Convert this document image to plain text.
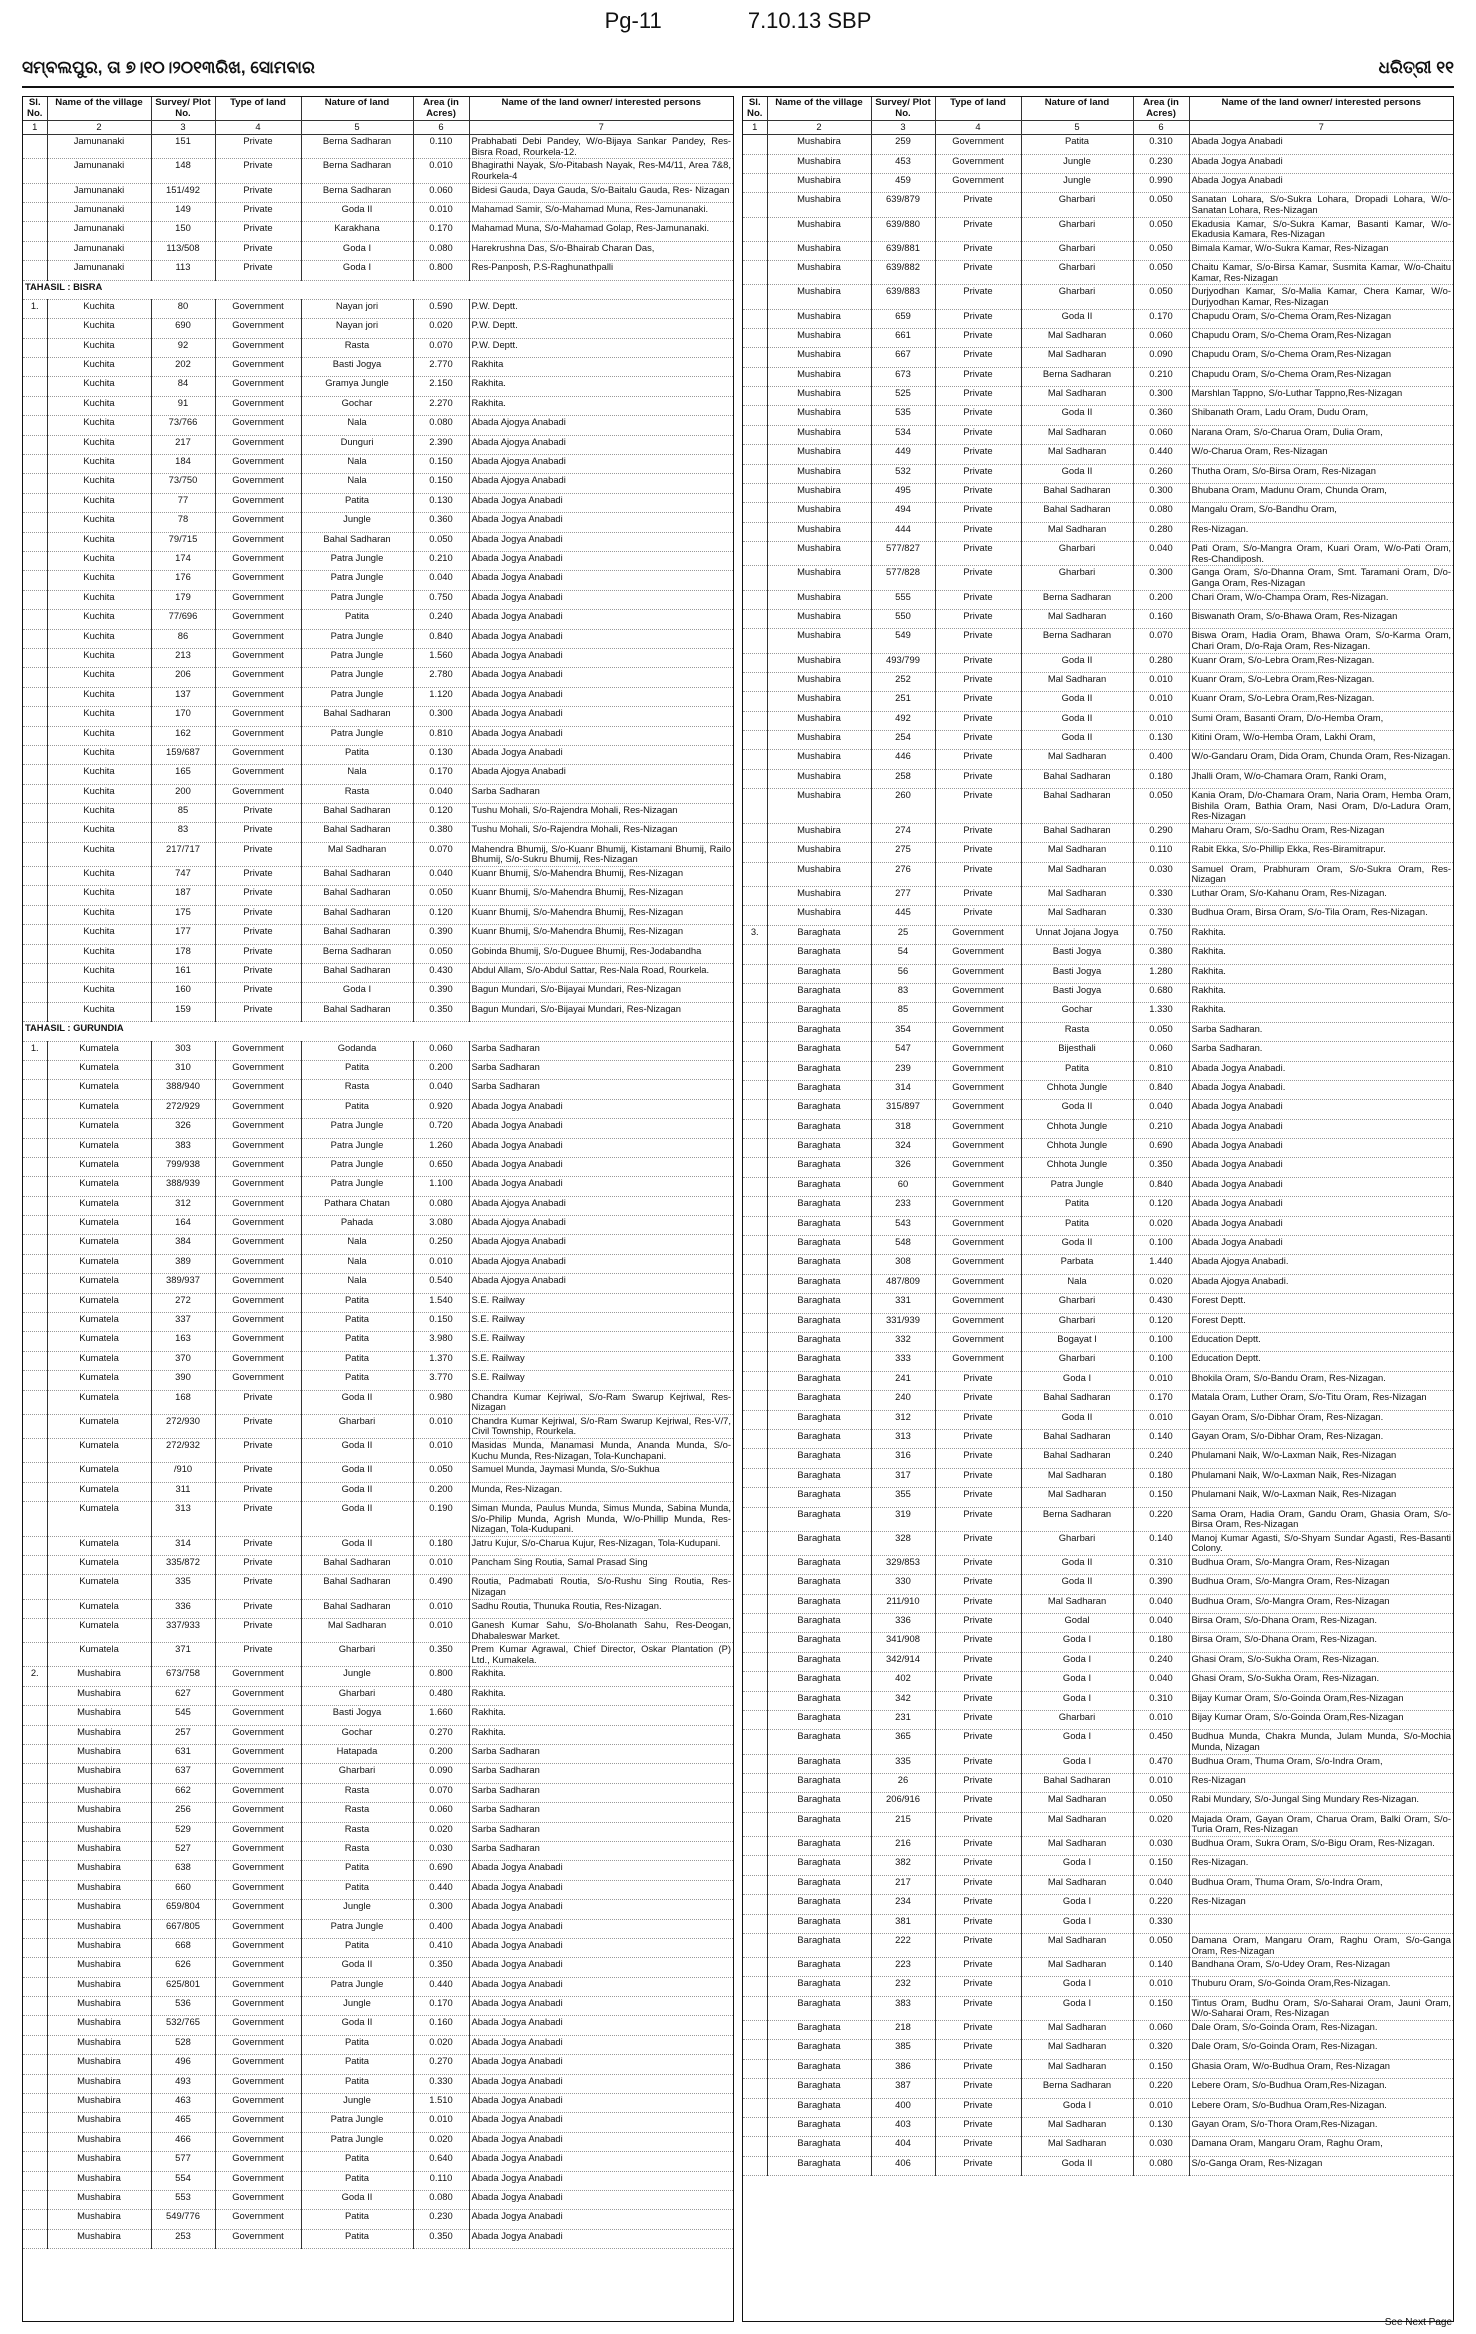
Pg-11	7.10.13 SBP
ସମ୍ବଲପୁର, ତା ୭।୧୦।୨୦୧୩ରିଖ, ସୋମବାର	ଧରିତ୍ରୀ ୧୧
Sl. No.	Name of the village	Survey/ Plot No.	Type of land	Nature of land	Area (in Acres)	Name of the land owner/ interested persons
1	2	3	4	5	6	7
	Jamunanaki	151	Private	Berna Sadharan	0.110	Prabhabati Debi Pandey, W/o-Bijaya Sankar Pandey, Res-Bisra Road, Rourkela-12.
	Jamunanaki	148	Private	Berna Sadharan	0.010	Bhagirathi Nayak, S/o-Pitabash Nayak, Res-M4/11, Area 7&8, Rourkela-4
	Jamunanaki	151/492	Private	Berna Sadharan	0.060	Bidesi Gauda, Daya Gauda, S/o-Baitalu Gauda, Res- Nizagan
	Jamunanaki	149	Private	Goda II	0.010	Mahamad Samir, S/o-Mahamad Muna, Res-Jamunanaki.
	Jamunanaki	150	Private	Karakhana	0.170	Mahamad Muna, S/o-Mahamad Golap, Res-Jamunanaki.
	Jamunanaki	113/508	Private	Goda I	0.080	Harekrushna Das, S/o-Bhairab Charan Das,
	Jamunanaki	113	Private	Goda I	0.800	Res-Panposh, P.S-Raghunathpalli
TAHASIL : BISRA						
1.	Kuchita	80	Government	Nayan jori	0.590	P.W. Deptt.
	Kuchita	690	Government	Nayan jori	0.020	P.W. Deptt.
	Kuchita	92	Government	Rasta	0.070	P.W. Deptt.
	Kuchita	202	Government	Basti Jogya	2.770	Rakhita
	Kuchita	84	Government	Gramya Jungle	2.150	Rakhita.
	Kuchita	91	Government	Gochar	2.270	Rakhita.
	Kuchita	73/766	Government	Nala	0.080	Abada Ajogya Anabadi
	Kuchita	217	Government	Dunguri	2.390	Abada Ajogya Anabadi
	Kuchita	184	Government	Nala	0.150	Abada Ajogya Anabadi
	Kuchita	73/750	Government	Nala	0.150	Abada Ajogya Anabadi
	Kuchita	77	Government	Patita	0.130	Abada Jogya Anabadi
	Kuchita	78	Government	Jungle	0.360	Abada Jogya Anabadi
	Kuchita	79/715	Government	Bahal Sadharan	0.050	Abada Jogya Anabadi
	Kuchita	174	Government	Patra Jungle	0.210	Abada Jogya Anabadi
	Kuchita	176	Government	Patra Jungle	0.040	Abada Jogya Anabadi
	Kuchita	179	Government	Patra Jungle	0.750	Abada Jogya Anabadi
	Kuchita	77/696	Government	Patita	0.240	Abada Jogya Anabadi
	Kuchita	86	Government	Patra Jungle	0.840	Abada Jogya Anabadi
	Kuchita	213	Government	Patra Jungle	1.560	Abada Jogya Anabadi
	Kuchita	206	Government	Patra Jungle	2.780	Abada Jogya Anabadi
	Kuchita	137	Government	Patra Jungle	1.120	Abada Jogya Anabadi
	Kuchita	170	Government	Bahal Sadharan	0.300	Abada Jogya Anabadi
	Kuchita	162	Government	Patra Jungle	0.810	Abada Jogya Anabadi
	Kuchita	159/687	Government	Patita	0.130	Abada Jogya Anabadi
	Kuchita	165	Government	Nala	0.170	Abada Ajogya Anabadi
	Kuchita	200	Government	Rasta	0.040	Sarba Sadharan
	Kuchita	85	Private	Bahal Sadharan	0.120	Tushu Mohali, S/o-Rajendra Mohali, Res-Nizagan
	Kuchita	83	Private	Bahal Sadharan	0.380	Tushu Mohali, S/o-Rajendra Mohali, Res-Nizagan
	Kuchita	217/717	Private	Mal Sadharan	0.070	Mahendra Bhumij, S/o-Kuanr Bhumij, Kistamani Bhumij, Railo Bhumij, S/o-Sukru Bhumij, Res-Nizagan
	Kuchita	747	Private	Bahal Sadharan	0.040	Kuanr Bhumij, S/o-Mahendra Bhumij, Res-Nizagan
	Kuchita	187	Private	Bahal Sadharan	0.050	Kuanr Bhumij, S/o-Mahendra Bhumij, Res-Nizagan
	Kuchita	175	Private	Bahal Sadharan	0.120	Kuanr Bhumij, S/o-Mahendra Bhumij, Res-Nizagan
	Kuchita	177	Private	Bahal Sadharan	0.390	Kuanr Bhumij, S/o-Mahendra Bhumij, Res-Nizagan
	Kuchita	178	Private	Berna Sadharan	0.050	Gobinda Bhumij, S/o-Duguee Bhumij, Res-Jodabandha
	Kuchita	161	Private	Bahal Sadharan	0.430	Abdul Allam, S/o-Abdul Sattar, Res-Nala Road, Rourkela.
	Kuchita	160	Private	Goda I	0.390	Bagun Mundari, S/o-Bijayai Mundari, Res-Nizagan
	Kuchita	159	Private	Bahal Sadharan	0.350	Bagun Mundari, S/o-Bijayai Mundari, Res-Nizagan
TAHASIL : GURUNDIA						
1.	Kumatela	303	Government	Godanda	0.060	Sarba Sadharan
	Kumatela	310	Government	Patita	0.200	Sarba Sadharan
	Kumatela	388/940	Government	Rasta	0.040	Sarba Sadharan
	Kumatela	272/929	Government	Patita	0.920	Abada Jogya Anabadi
	Kumatela	326	Government	Patra Jungle	0.720	Abada Jogya Anabadi
	Kumatela	383	Government	Patra Jungle	1.260	Abada Jogya Anabadi
	Kumatela	799/938	Government	Patra Jungle	0.650	Abada Jogya Anabadi
	Kumatela	388/939	Government	Patra Jungle	1.100	Abada Jogya Anabadi
	Kumatela	312	Government	Pathara Chatan	0.080	Abada Ajogya Anabadi
	Kumatela	164	Government	Pahada	3.080	Abada Ajogya Anabadi
	Kumatela	384	Government	Nala	0.250	Abada Ajogya Anabadi
	Kumatela	389	Government	Nala	0.010	Abada Ajogya Anabadi
	Kumatela	389/937	Government	Nala	0.540	Abada Ajogya Anabadi
	Kumatela	272	Government	Patita	1.540	S.E. Railway
	Kumatela	337	Government	Patita	0.150	S.E. Railway
	Kumatela	163	Government	Patita	3.980	S.E. Railway
	Kumatela	370	Government	Patita	1.370	S.E. Railway
	Kumatela	390	Government	Patita	3.770	S.E. Railway
	Kumatela	168	Private	Goda II	0.980	Chandra Kumar Kejriwal, S/o-Ram Swarup Kejriwal, Res-Nizagan
	Kumatela	272/930	Private	Gharbari	0.010	Chandra Kumar Kejriwal, S/o-Ram Swarup Kejriwal, Res-V/7, Civil Township, Rourkela.
	Kumatela	272/932	Private	Goda II	0.010	Masidas Munda, Manamasi Munda, Ananda Munda, S/o-Kuchu Munda, Res-Nizagan, Tola-Kunchapani.
	Kumatela	/910	Private	Goda II	0.050	Samuel Munda, Jaymasi Munda, S/o-Sukhua
	Kumatela	311	Private	Goda II	0.200	Munda, Res-Nizagan.
	Kumatela	313	Private	Goda II	0.190	Siman Munda, Paulus Munda, Simus Munda, Sabina Munda, S/o-Philip Munda, Agrish Munda, W/o-Phillip Munda, Res-Nizagan, Tola-Kudupani.
	Kumatela	314	Private	Goda II	0.180	Jatru Kujur, S/o-Charua Kujur, Res-Nizagan, Tola-Kudupani.
	Kumatela	335/872	Private	Bahal Sadharan	0.010	Pancham Sing Routia, Samal Prasad Sing
	Kumatela	335	Private	Bahal Sadharan	0.490	Routia, Padmabati Routia, S/o-Rushu Sing Routia, Res-Nizagan
	Kumatela	336	Private	Bahal Sadharan	0.010	Sadhu Routia, Thunuka Routia, Res-Nizagan.
	Kumatela	337/933	Private	Mal Sadharan	0.010	Ganesh Kumar Sahu, S/o-Bholanath Sahu, Res-Deogan, Dhabaleswar Market.
	Kumatela	371	Private	Gharbari	0.350	Prem Kumar Agrawal, Chief Director, Oskar Plantation (P) Ltd., Kumakela.
2.	Mushabira	673/758	Government	Jungle	0.800	Rakhita.
	Mushabira	627	Government	Gharbari	0.480	Rakhita.
	Mushabira	545	Government	Basti Jogya	1.660	Rakhita.
	Mushabira	257	Government	Gochar	0.270	Rakhita.
	Mushabira	631	Government	Hatapada	0.200	Sarba Sadharan
	Mushabira	637	Government	Gharbari	0.090	Sarba Sadharan
	Mushabira	662	Government	Rasta	0.070	Sarba Sadharan
	Mushabira	256	Government	Rasta	0.060	Sarba Sadharan
	Mushabira	529	Government	Rasta	0.020	Sarba Sadharan
	Mushabira	527	Government	Rasta	0.030	Sarba Sadharan
	Mushabira	638	Government	Patita	0.690	Abada Jogya Anabadi
	Mushabira	660	Government	Patita	0.440	Abada Jogya Anabadi
	Mushabira	659/804	Government	Jungle	0.300	Abada Jogya Anabadi
	Mushabira	667/805	Government	Patra Jungle	0.400	Abada Jogya Anabadi
	Mushabira	668	Government	Patita	0.410	Abada Jogya Anabadi
	Mushabira	626	Government	Goda II	0.350	Abada Jogya Anabadi
	Mushabira	625/801	Government	Patra Jungle	0.440	Abada Jogya Anabadi
	Mushabira	536	Government	Jungle	0.170	Abada Jogya Anabadi
	Mushabira	532/765	Government	Goda II	0.160	Abada Jogya Anabadi
	Mushabira	528	Government	Patita	0.020	Abada Jogya Anabadi
	Mushabira	496	Government	Patita	0.270	Abada Jogya Anabadi
	Mushabira	493	Government	Patita	0.330	Abada Jogya Anabadi
	Mushabira	463	Government	Jungle	1.510	Abada Jogya Anabadi
	Mushabira	465	Government	Patra Jungle	0.010	Abada Jogya Anabadi
	Mushabira	466	Government	Patra Jungle	0.020	Abada Jogya Anabadi
	Mushabira	577	Government	Patita	0.640	Abada Jogya Anabadi
	Mushabira	554	Government	Patita	0.110	Abada Jogya Anabadi
	Mushabira	553	Government	Goda II	0.080	Abada Jogya Anabadi
	Mushabira	549/776	Government	Patita	0.230	Abada Jogya Anabadi
	Mushabira	253	Government	Patita	0.350	Abada Jogya Anabadi
Sl. No.	Name of the village	Survey/ Plot No.	Type of land	Nature of land	Area (in Acres)	Name of the land owner/ interested persons
1	2	3	4	5	6	7
	Mushabira	259	Government	Patita	0.310	Abada Jogya Anabadi
	Mushabira	453	Government	Jungle	0.230	Abada Jogya Anabadi
	Mushabira	459	Government	Jungle	0.990	Abada Jogya Anabadi
	Mushabira	639/879	Private	Gharbari	0.050	Sanatan Lohara, S/o-Sukra Lohara, Dropadi Lohara, W/o-Sanatan Lohara, Res-Nizagan
	Mushabira	639/880	Private	Gharbari	0.050	Ekadusia Kamar, S/o-Sukra Kamar, Basanti Kamar, W/o-Ekadusia Kamara, Res-Nizagan
	Mushabira	639/881	Private	Gharbari	0.050	Bimala Kamar, W/o-Sukra Kamar, Res-Nizagan
	Mushabira	639/882	Private	Gharbari	0.050	Chaitu Kamar, S/o-Birsa Kamar, Susmita Kamar, W/o-Chaitu Kamar, Res-Nizagan
	Mushabira	639/883	Private	Gharbari	0.050	Durjyodhan Kamar, S/o-Malia Kamar, Chera Kamar, W/o-Durjyodhan Kamar, Res-Nizagan
	Mushabira	659	Private	Goda II	0.170	Chapudu Oram, S/o-Chema Oram,Res-Nizagan
	Mushabira	661	Private	Mal Sadharan	0.060	Chapudu Oram, S/o-Chema Oram,Res-Nizagan
	Mushabira	667	Private	Mal Sadharan	0.090	Chapudu Oram, S/o-Chema Oram,Res-Nizagan
	Mushabira	673	Private	Berna Sadharan	0.210	Chapudu Oram, S/o-Chema Oram,Res-Nizagan
	Mushabira	525	Private	Mal Sadharan	0.300	Marshlan Tappno, S/o-Luthar Tappno,Res-Nizagan
	Mushabira	535	Private	Goda II	0.360	Shibanath Oram, Ladu Oram, Dudu Oram,
	Mushabira	534	Private	Mal Sadharan	0.060	Narana Oram, S/o-Charua Oram, Dulia Oram,
	Mushabira	449	Private	Mal Sadharan	0.440	W/o-Charua Oram, Res-Nizagan
	Mushabira	532	Private	Goda II	0.260	Thutha Oram, S/o-Birsa Oram, Res-Nizagan
	Mushabira	495	Private	Bahal Sadharan	0.300	Bhubana Oram, Madunu Oram, Chunda Oram,
	Mushabira	494	Private	Bahal Sadharan	0.080	Mangalu Oram, S/o-Bandhu Oram,
	Mushabira	444	Private	Mal Sadharan	0.280	Res-Nizagan.
	Mushabira	577/827	Private	Gharbari	0.040	Pati Oram, S/o-Mangra Oram, Kuari Oram, W/o-Pati Oram, Res-Chandiposh.
	Mushabira	577/828	Private	Gharbari	0.300	Ganga Oram, S/o-Dhanna Oram, Smt. Taramani Oram, D/o-Ganga Oram, Res-Nizagan
	Mushabira	555	Private	Berna Sadharan	0.200	Chari Oram, W/o-Champa Oram, Res-Nizagan.
	Mushabira	550	Private	Mal Sadharan	0.160	Biswanath Oram, S/o-Bhawa Oram, Res-Nizagan
	Mushabira	549	Private	Berna Sadharan	0.070	Biswa Oram, Hadia Oram, Bhawa Oram, S/o-Karma Oram, Chari Oram, D/o-Raja Oram, Res-Nizagan.
	Mushabira	493/799	Private	Goda II	0.280	Kuanr Oram, S/o-Lebra Oram,Res-Nizagan.
	Mushabira	252	Private	Mal Sadharan	0.010	Kuanr Oram, S/o-Lebra Oram,Res-Nizagan.
	Mushabira	251	Private	Goda II	0.010	Kuanr Oram, S/o-Lebra Oram,Res-Nizagan.
	Mushabira	492	Private	Goda II	0.010	Sumi Oram, Basanti Oram, D/o-Hemba Oram,
	Mushabira	254	Private	Goda II	0.130	Kitini Oram, W/o-Hemba Oram, Lakhi Oram,
	Mushabira	446	Private	Mal Sadharan	0.400	W/o-Gandaru Oram, Dida Oram, Chunda Oram, Res-Nizagan.
	Mushabira	258	Private	Bahal Sadharan	0.180	Jhalli Oram, W/o-Chamara Oram, Ranki Oram,
	Mushabira	260	Private	Bahal Sadharan	0.050	Kania Oram, D/o-Chamara Oram, Naria Oram, Hemba Oram, Bishila Oram, Bathia Oram, Nasi Oram, D/o-Ladura Oram, Res-Nizagan
	Mushabira	274	Private	Bahal Sadharan	0.290	Maharu Oram, S/o-Sadhu Oram, Res-Nizagan
	Mushabira	275	Private	Mal Sadharan	0.110	Rabit Ekka, S/o-Phillip Ekka, Res-Biramitrapur.
	Mushabira	276	Private	Mal Sadharan	0.030	Samuel Oram, Prabhuram Oram, S/o-Sukra Oram, Res-Nizagan
	Mushabira	277	Private	Mal Sadharan	0.330	Luthar Oram, S/o-Kahanu Oram, Res-Nizagan.
	Mushabira	445	Private	Mal Sadharan	0.330	Budhua Oram, Birsa Oram, S/o-Tila Oram, Res-Nizagan.
3.	Baraghata	25	Government	Unnat Jojana Jogya	0.750	Rakhita.
	Baraghata	54	Government	Basti Jogya	0.380	Rakhita.
	Baraghata	56	Government	Basti Jogya	1.280	Rakhita.
	Baraghata	83	Government	Basti Jogya	0.680	Rakhita.
	Baraghata	85	Government	Gochar	1.330	Rakhita.
	Baraghata	354	Government	Rasta	0.050	Sarba Sadharan.
	Baraghata	547	Government	Bijesthali	0.060	Sarba Sadharan.
	Baraghata	239	Government	Patita	0.810	Abada Jogya Anabadi.
	Baraghata	314	Government	Chhota Jungle	0.840	Abada Jogya Anabadi.
	Baraghata	315/897	Government	Goda II	0.040	Abada Jogya Anabadi
	Baraghata	318	Government	Chhota Jungle	0.210	Abada Jogya Anabadi
	Baraghata	324	Government	Chhota Jungle	0.690	Abada Jogya Anabadi
	Baraghata	326	Government	Chhota Jungle	0.350	Abada Jogya Anabadi
	Baraghata	60	Government	Patra Jungle	0.840	Abada Jogya Anabadi
	Baraghata	233	Government	Patita	0.120	Abada Jogya Anabadi
	Baraghata	543	Government	Patita	0.020	Abada Jogya Anabadi
	Baraghata	548	Government	Goda II	0.100	Abada Jogya Anabadi
	Baraghata	308	Government	Parbata	1.440	Abada Ajogya Anabadi.
	Baraghata	487/809	Government	Nala	0.020	Abada Ajogya Anabadi.
	Baraghata	331	Government	Gharbari	0.430	Forest Deptt.
	Baraghata	331/939	Government	Gharbari	0.120	Forest Deptt.
	Baraghata	332	Government	Bogayat I	0.100	Education Deptt.
	Baraghata	333	Government	Gharbari	0.100	Education Deptt.
	Baraghata	241	Private	Goda I	0.010	Bhokila Oram, S/o-Bandu Oram, Res-Nizagan.
	Baraghata	240	Private	Bahal Sadharan	0.170	Matala Oram, Luther Oram, S/o-Titu Oram, Res-Nizagan
	Baraghata	312	Private	Goda II	0.010	Gayan Oram, S/o-Dibhar Oram, Res-Nizagan.
	Baraghata	313	Private	Bahal Sadharan	0.140	Gayan Oram, S/o-Dibhar Oram, Res-Nizagan.
	Baraghata	316	Private	Bahal Sadharan	0.240	Phulamani Naik, W/o-Laxman Naik, Res-Nizagan
	Baraghata	317	Private	Mal Sadharan	0.180	Phulamani Naik, W/o-Laxman Naik, Res-Nizagan
	Baraghata	355	Private	Mal Sadharan	0.150	Phulamani Naik, W/o-Laxman Naik, Res-Nizagan
	Baraghata	319	Private	Berna Sadharan	0.220	Sama Oram, Hadia Oram, Gandu Oram, Ghasia Oram, S/o-Birsa Oram, Res-Nizagan
	Baraghata	328	Private	Gharbari	0.140	Manoj Kumar Agasti, S/o-Shyam Sundar Agasti, Res-Basanti Colony.
	Baraghata	329/853	Private	Goda II	0.310	Budhua Oram, S/o-Mangra Oram, Res-Nizagan
	Baraghata	330	Private	Goda II	0.390	Budhua Oram, S/o-Mangra Oram, Res-Nizagan
	Baraghata	211/910	Private	Mal Sadharan	0.040	Budhua Oram, S/o-Mangra Oram, Res-Nizagan
	Baraghata	336	Private	Godal	0.040	Birsa Oram, S/o-Dhana Oram, Res-Nizagan.
	Baraghata	341/908	Private	Goda I	0.180	Birsa Oram, S/o-Dhana Oram, Res-Nizagan.
	Baraghata	342/914	Private	Goda I	0.240	Ghasi Oram, S/o-Sukha Oram, Res-Nizagan.
	Baraghata	402	Private	Goda I	0.040	Ghasi Oram, S/o-Sukha Oram, Res-Nizagan.
	Baraghata	342	Private	Goda I	0.310	Bijay Kumar Oram, S/o-Goinda Oram,Res-Nizagan
	Baraghata	231	Private	Gharbari	0.010	Bijay Kumar Oram, S/o-Goinda Oram,Res-Nizagan
	Baraghata	365	Private	Goda I	0.450	Budhua Munda, Chakra Munda, Julam Munda, S/o-Mochia Munda, Nizagan
	Baraghata	335	Private	Goda I	0.470	Budhua Oram, Thuma Oram, S/o-Indra Oram,
	Baraghata	26	Private	Bahal Sadharan	0.010	Res-Nizagan
	Baraghata	206/916	Private	Mal Sadharan	0.050	Rabi Mundary, S/o-Jungal Sing Mundary Res-Nizagan.
	Baraghata	215	Private	Mal Sadharan	0.020	Majada Oram, Gayan Oram, Charua Oram, Balki Oram, S/o-Turia Oram, Res-Nizagan
	Baraghata	216	Private	Mal Sadharan	0.030	Budhua Oram, Sukra Oram, S/o-Bigu Oram, Res-Nizagan.
	Baraghata	382	Private	Goda I	0.150	Res-Nizagan.
	Baraghata	217	Private	Mal Sadharan	0.040	Budhua Oram, Thuma Oram, S/o-Indra Oram,
	Baraghata	234	Private	Goda I	0.220	Res-Nizagan
	Baraghata	381	Private	Goda I	0.330	
	Baraghata	222	Private	Mal Sadharan	0.050	Damana Oram, Mangaru Oram, Raghu Oram, S/o-Ganga Oram, Res-Nizagan
	Baraghata	223	Private	Mal Sadharan	0.140	Bandhana Oram, S/o-Udey Oram, Res-Nizagan
	Baraghata	232	Private	Goda I	0.010	Thuburu Oram, S/o-Goinda Oram,Res-Nizagan.
	Baraghata	383	Private	Goda I	0.150	Tintus Oram, Budhu Oram, S/o-Saharai Oram, Jauni Oram, W/o-Saharai Oram, Res-Nizagan
	Baraghata	218	Private	Mal Sadharan	0.060	Dale Oram, S/o-Goinda Oram, Res-Nizagan.
	Baraghata	385	Private	Mal Sadharan	0.320	Dale Oram, S/o-Goinda Oram, Res-Nizagan.
	Baraghata	386	Private	Mal Sadharan	0.150	Ghasia Oram, W/o-Budhua Oram, Res-Nizagan
	Baraghata	387	Private	Berna Sadharan	0.220	Lebere Oram, S/o-Budhua Oram,Res-Nizagan.
	Baraghata	400	Private	Goda I	0.010	Lebere Oram, S/o-Budhua Oram,Res-Nizagan.
	Baraghata	403	Private	Mal Sadharan	0.130	Gayan Oram, S/o-Thora Oram,Res-Nizagan.
	Baraghata	404	Private	Mal Sadharan	0.030	Damana Oram, Mangaru Oram, Raghu Oram,
	Baraghata	406	Private	Goda II	0.080	S/o-Ganga Oram, Res-Nizagan
See Next Page
